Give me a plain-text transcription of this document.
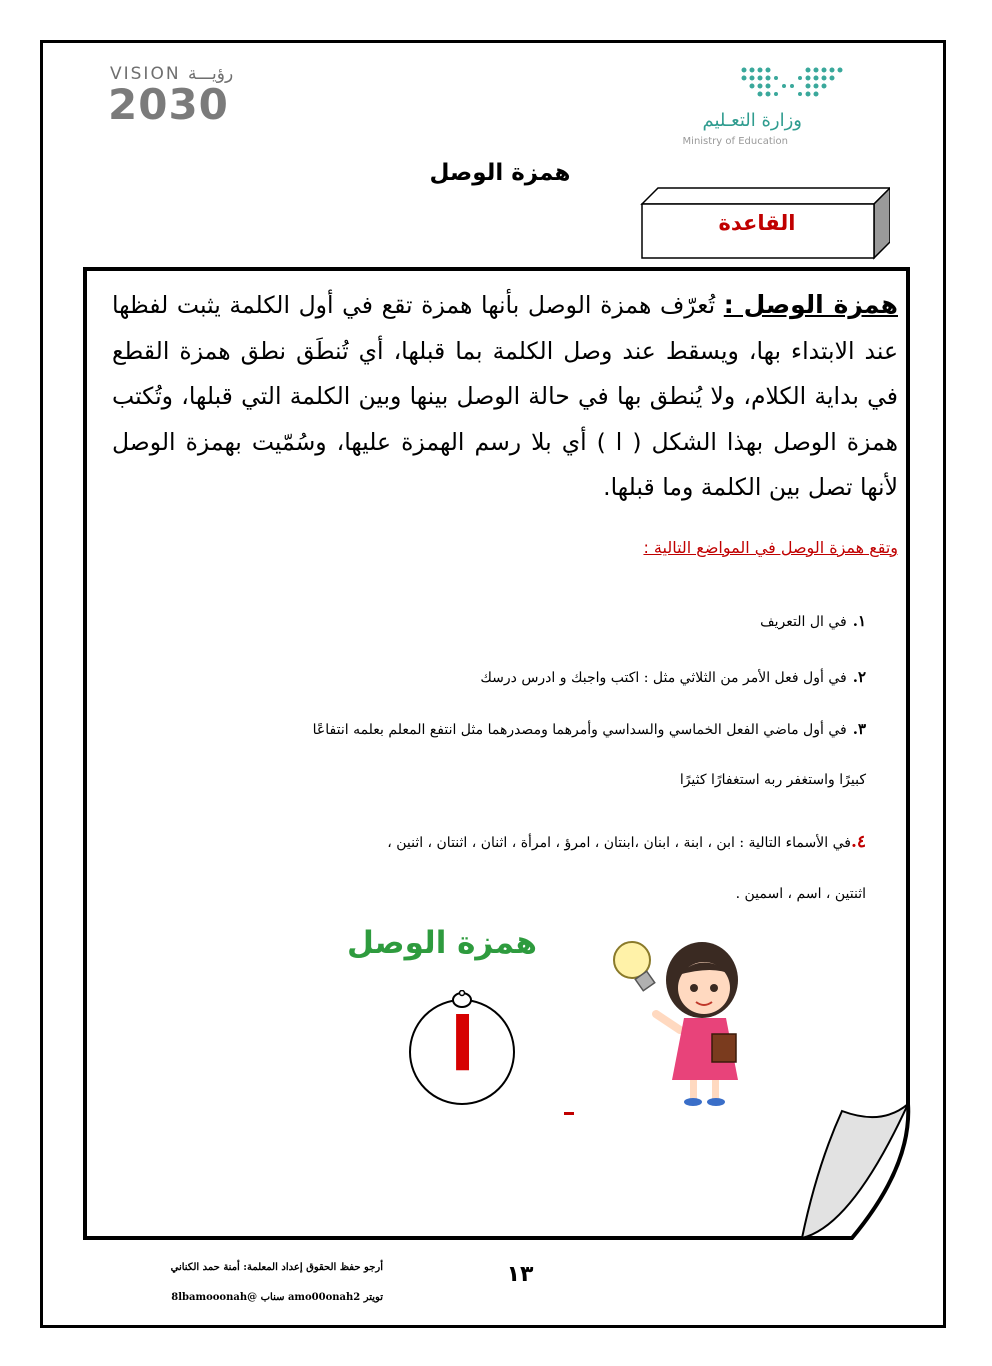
VISION رؤيـــة
2030	وزارة التعـليم
Ministry of Education
همزة الوصل
القاعدة
همزة الوصل : تُعرّف همزة الوصل بأنها همزة تقع في أول الكلمة يثبت لفظها عند الابتداء بها، ويسقط عند وصل الكلمة بما قبلها، أي تُنطَق نطق همزة القطع في بداية الكلام، ولا يُنطق بها في حالة الوصل بينها وبين الكلمة التي قبلها، وتُكتب همزة الوصل بهذا الشكل ( ا ) أي بلا رسم الهمزة عليها، وسُمّيت بهمزة الوصل لأنها تصل بين الكلمة وما قبلها.
وتقع همزة الوصل في المواضع التالية :
١.في ال التعريف
٢.في أول فعل الأمر من الثلاثي مثل : اكتب واجبك و ادرس درسك
٣.في أول ماضي الفعل الخماسي والسداسي وأمرهما ومصدرهما مثل انتفع المعلم بعلمه انتفاعًا
كبيرًا واستغفر ربه استغفارًا كثيرًا
٤.في الأسماء التالية : ابن ، ابنة ، ابنان ،ابنتان ، امرؤ ، امرأة ، اثنان ، اثنتان ، اثنين ،
اثنتين ، اسم ، اسمين .
همزة الوصل
ا
أرجو حفظ الحقوق إعداد المعلمة: أمنة حمد الكناني
تويتر amo00onah2 سناب @8lbamooonah
١٣
